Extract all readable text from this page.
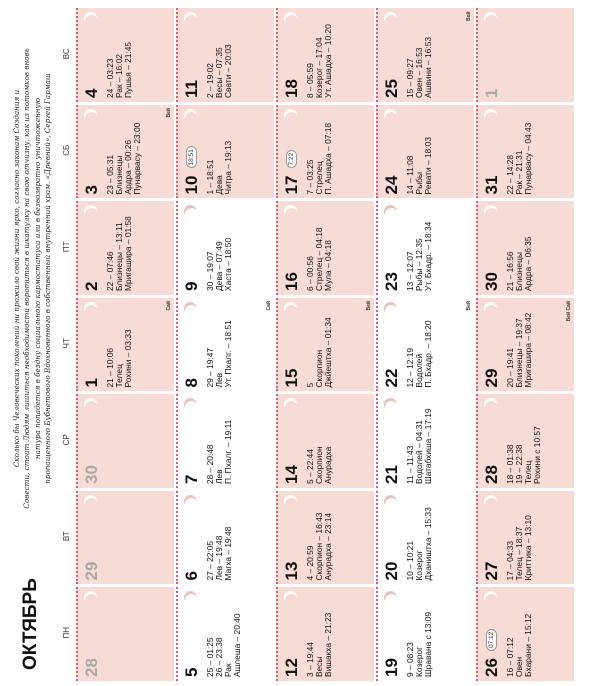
ОКТЯБРЬ
Сколько бы Человеческих поколений ни прожило свой жизни ярко, согласно законам Создания и Совести, стоит Людям лишиться необходимости воротиться в шкатулку на свою отчизну, как из потомков вновь натура попадется в бездну социального кармостатуса или в безвозвратно уничтоженную пропащенного Бубнетового Вдохновенного в собственный внутренний храм. «Древний», Сергей Гармаш
ПН
ВТ
СР
ЧТ
ПТ
СБ
ВС
28
29
30
1 21 – 10:06 Телец Рохини – 03:33
Сай
2 22 – 07:46 Близнецы – 13:11 Мригашира – 01:58
3 23 – 05:31 Близнецы Ардра – 00:26 Пунарвасу – 23:00
Вей
4 24 – 03:23 Рак – 16:02 Пушья – 21:45
5 25 – 01:25 26 – 23:38 Рак Ашлеша – 20:40
6 27 – 22:05 Лев – 19:48 Магха – 19:48
7 28 – 20:48 Лев П. Пхалг. – 19:11
8 29 – 19:47 Лев Ут. Пхалг. – 18:51
Сай
9 30 – 19:07 Дева – 07:49 Хаста – 18:50
10
18:51
1 – 18:51 Дева Читра – 19:13
11 2 – 19:02 Весы – 07:35 Свати – 20:03
12 3 – 19:44 Весы Вишакха – 21:23
13 4 – 20:59 Скорпион – 16:43 Анурадха – 23:14
14 5 – 22:44 Скорпион Анурадха
15 5 Скорпион Джйештха – 01:34
Вей
16 6 – 00:56 Стрелец – 04:18 Мула – 04:18
17
7:22
7 – 03:25 Стрелец П. Ашадха – 07:18
18 8 – 05:59 Козерог – 17:04 Ут. Ашадха – 10:20
19 9 – 08:23 Козерог Шравана с 13:09
20 10 – 10:21 Козерог Дхаништха – 15:33
21 11 – 11:43 Водолей – 04:31 Шатабхиша – 17:19
22 12 – 12:19 Водолей П. Бхадр. – 18:20
Вей
23 13 – 12:07 Рыбы – 12:35 Ут. Бхадр. – 18:34
24 14 – 11:08 Рыбы Ревати – 18:03
25 15 – 09:27 Овен – 16:53 Ашвини – 16:53
Вей
26
07:12 16 – 07:12 Овен Бхарани – 15:12
27 17 – 04:33 Телец – 18:37 Криттика – 13:10
28 18 – 01:38 19 – 22:38 Телец Рохини с 10:57
29 20 – 19:41 Близнецы – 19:37 Мригашира – 08:42
Вей Сай
30 21 – 16:56 Близнецы Ардра – 06:35
31 22 – 14:28 Рак – 21:31 Пунарвасу – 04:43
1
